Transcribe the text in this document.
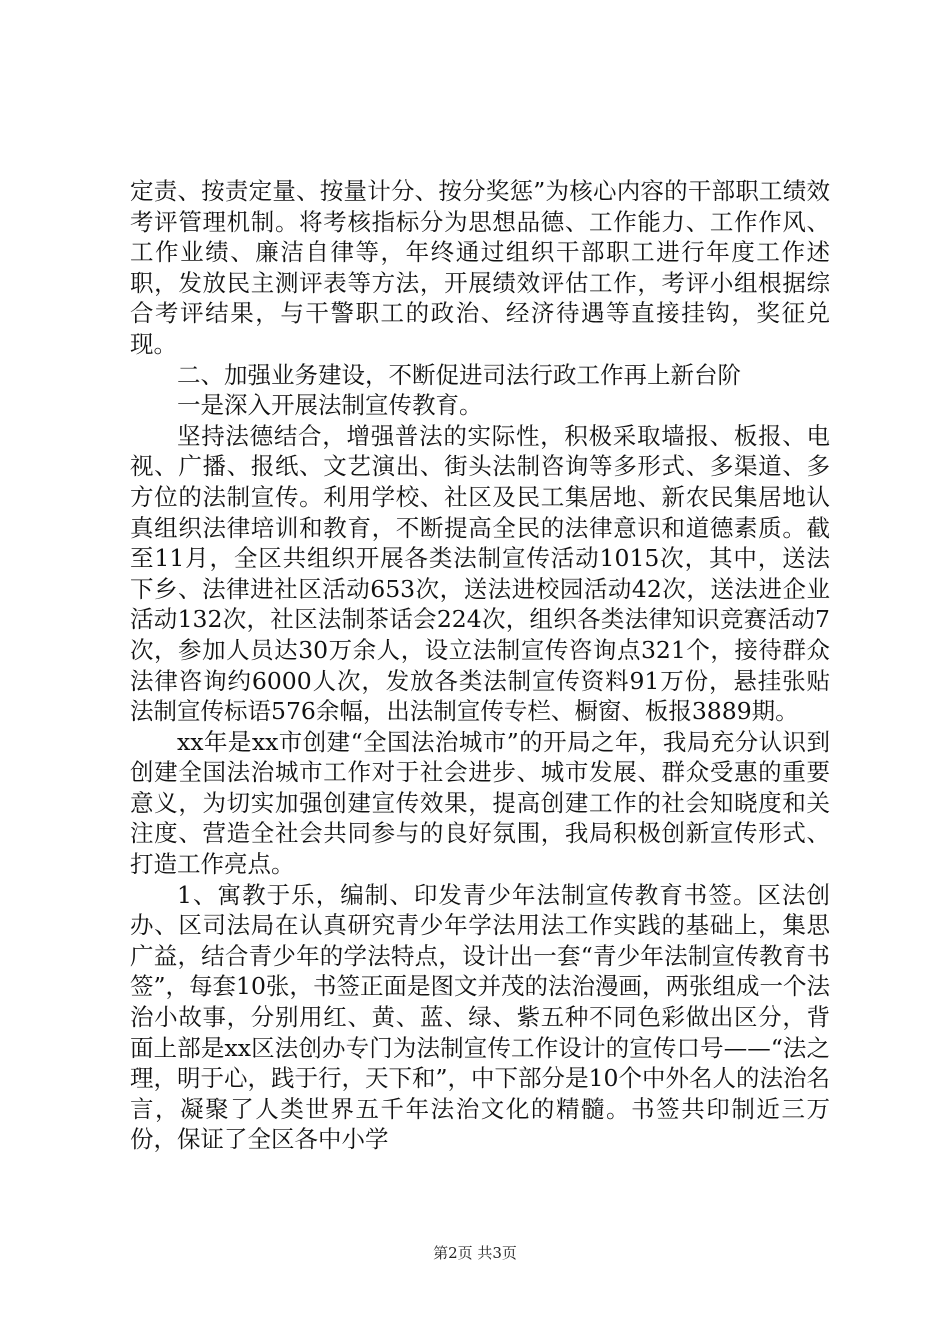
定责、按责定量、按量计分、按分奖惩”为核心内容的干部职工绩效考评管理机制。将考核指标分为思想品德、工作能力、工作作风、工作业绩、廉洁自律等，年终通过组织干部职工进行年度工作述职，发放民主测评表等方法，开展绩效评估工作，考评小组根据综合考评结果，与干警职工的政治、经济待遇等直接挂钩，奖征兑现。

二、加强业务建设，不断促进司法行政工作再上新台阶

一是深入开展法制宣传教育。

坚持法德结合，增强普法的实际性，积极采取墙报、板报、电视、广播、报纸、文艺演出、街头法制咨询等多形式、多渠道、多方位的法制宣传。利用学校、社区及民工集居地、新农民集居地认真组织法律培训和教育，不断提高全民的法律意识和道德素质。截至11月，全区共组织开展各类法制宣传活动1015次，其中，送法下乡、法律进社区活动653次，送法进校园活动42次，送法进企业活动132次，社区法制茶话会224次，组织各类法律知识竞赛活动7次，参加人员达30万余人，设立法制宣传咨询点321个，接待群众法律咨询约6000人次，发放各类法制宣传资料91万份，悬挂张贴法制宣传标语576余幅，出法制宣传专栏、橱窗、板报3889期。

xx年是xx市创建“全国法治城市”的开局之年，我局充分认识到创建全国法治城市工作对于社会进步、城市发展、群众受惠的重要意义，为切实加强创建宣传效果，提高创建工作的社会知晓度和关注度、营造全社会共同参与的良好氛围，我局积极创新宣传形式、打造工作亮点。

1、寓教于乐，编制、印发青少年法制宣传教育书签。区法创办、区司法局在认真研究青少年学法用法工作实践的基础上，集思广益，结合青少年的学法特点，设计出一套“青少年法制宣传教育书签”，每套10张，书签正面是图文并茂的法治漫画，两张组成一个法治小故事，分别用红、黄、蓝、绿、紫五种不同色彩做出区分，背面上部是xx区法创办专门为法制宣传工作设计的宣传口号——“法之理，明于心，践于行，天下和”，中下部分是10个中外名人的法治名言，凝聚了人类世界五千年法治文化的精髓。书签共印制近三万份，保证了全区各中小学

第2页 共3页
